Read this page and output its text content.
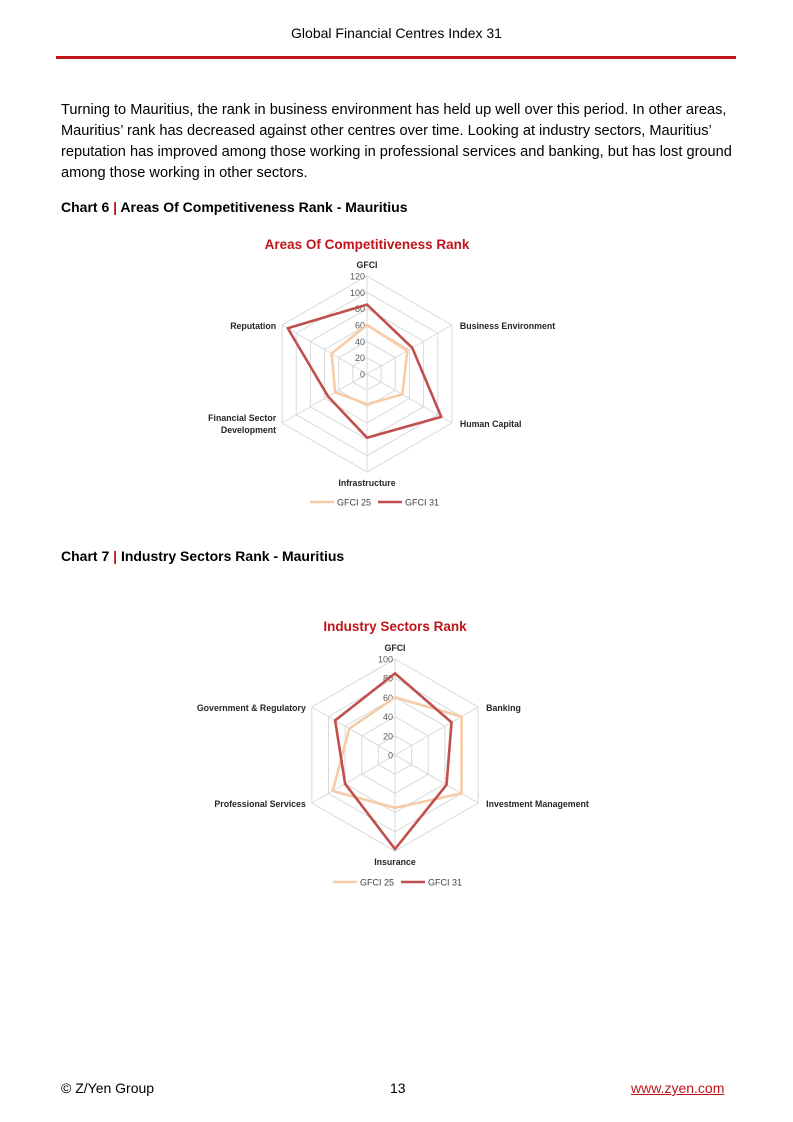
Global Financial Centres Index 31
Turning to Mauritius, the rank in business environment has held up well over this period. In other areas, Mauritius’ rank has decreased against other centres over time. Looking at industry sectors, Mauritius’ reputation has improved among those working in professional services and banking, but has lost ground among those working in other sectors.
Chart 6 | Areas Of Competitiveness Rank - Mauritius
Areas Of Competitiveness Rank
0
20
40
60
80
100
120
GFCI
Business Environment
Human Capital
Infrastructure
Financial Sector Development
Reputation
GFCI 25	GFCI 31
Chart 7 | Industry Sectors Rank - Mauritius
Industry Sectors Rank
0
20
40
60
80
100
GFCI
Banking
Investment Management
Insurance
Professional Services
Government & Regulatory
GFCI 25	GFCI 31
© Z/Yen Group	13	www.zyen.com
